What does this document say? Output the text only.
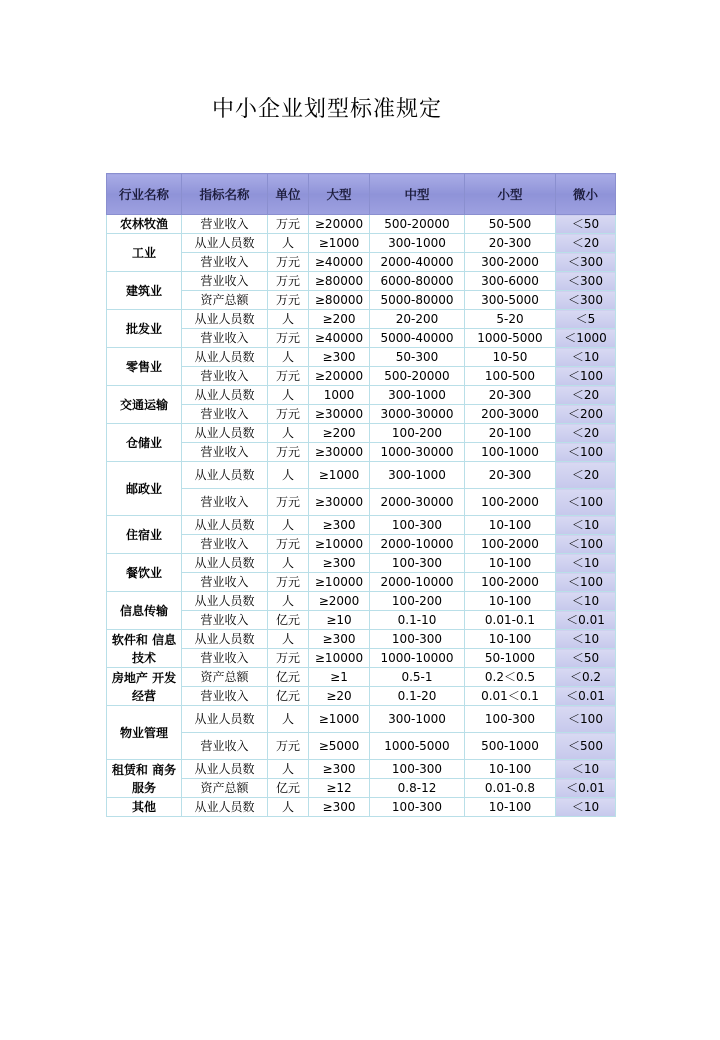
中小企业划型标准规定
行业名称	指标名称	单位	大型	中型	小型	微小
农林牧渔	营业收入	万元	≥20000	500-20000	50-500	＜50
工业	从业人员数	人	≥1000	300-1000	20-300	＜20
	营业收入	万元	≥40000	2000-40000	300-2000	＜300
建筑业	营业收入	万元	≥80000	6000-80000	300-6000	＜300
	资产总额	万元	≥80000	5000-80000	300-5000	＜300
批发业	从业人员数	人	≥200	20-200	5-20	＜5
	营业收入	万元	≥40000	5000-40000	1000-5000	＜1000
零售业	从业人员数	人	≥300	50-300	10-50	＜10
	营业收入	万元	≥20000	500-20000	100-500	＜100
交通运输	从业人员数	人	1000	300-1000	20-300	＜20
	营业收入	万元	≥30000	3000-30000	200-3000	＜200
仓储业	从业人员数	人	≥200	100-200	20-100	＜20
	营业收入	万元	≥30000	1000-30000	100-1000	＜100
邮政业	从业人员数	人	≥1000	300-1000	20-300	＜20
	营业收入	万元	≥30000	2000-30000	100-2000	＜100
住宿业	从业人员数	人	≥300	100-300	10-100	＜10
	营业收入	万元	≥10000	2000-10000	100-2000	＜100
餐饮业	从业人员数	人	≥300	100-300	10-100	＜10
	营业收入	万元	≥10000	2000-10000	100-2000	＜100
信息传输	从业人员数	人	≥2000	100-200	10-100	＜10
	营业收入	亿元	≥10	0.1-10	0.01-0.1	＜0.01
软件和 信息技术	从业人员数	人	≥300	100-300	10-100	＜10
	营业收入	万元	≥10000	1000-10000	50-1000	＜50
房地产 开发经营	资产总额	亿元	≥1	0.5-1	0.2＜0.5	＜0.2
	营业收入	亿元	≥20	0.1-20	0.01＜0.1	＜0.01
物业管理	从业人员数	人	≥1000	300-1000	100-300	＜100
	营业收入	万元	≥5000	1000-5000	500-1000	＜500
租赁和 商务服务	从业人员数	人	≥300	100-300	10-100	＜10
	资产总额	亿元	≥12	0.8-12	0.01-0.8	＜0.01
其他	从业人员数	人	≥300	100-300	10-100	＜10
